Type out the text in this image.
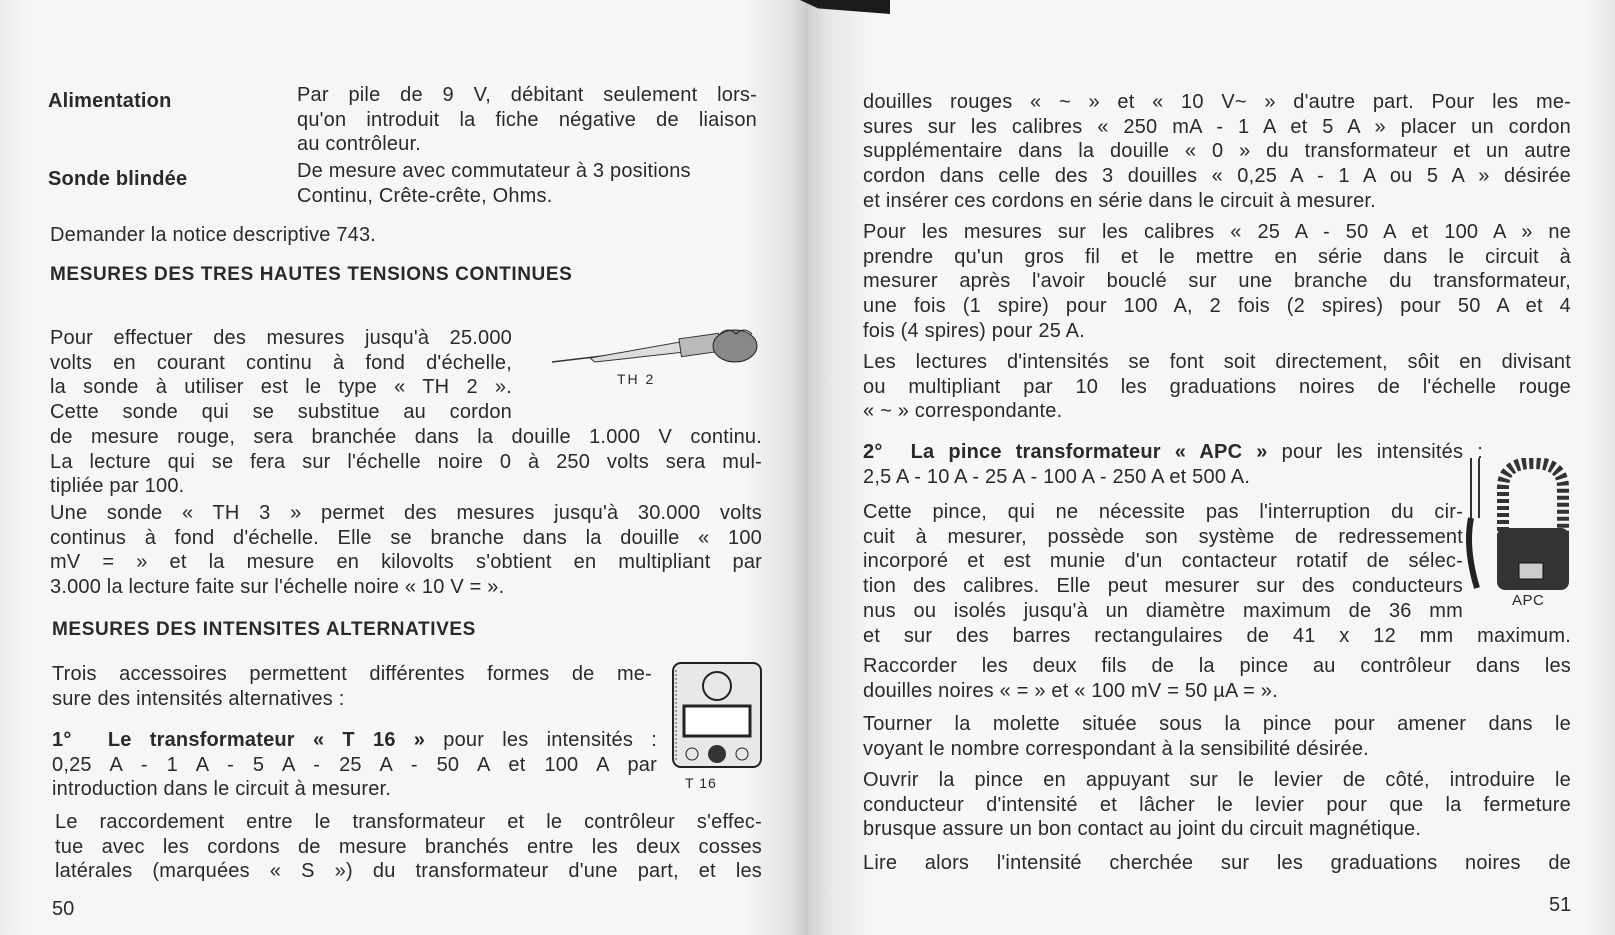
Alimentation	Par pile de 9 V, débitant seulement lors-
qu'on introduit la fiche négative de liaison
au contrôleur.
Sonde blindée	De mesure avec commutateur à 3 positions
Continu, Crête-crête, Ohms.
Demander la notice descriptive 743.
MESURES DES TRES HAUTES TENSIONS CONTINUES
Pour effectuer des mesures jusqu'à 25.000
volts en courant continu à fond d'échelle,
la sonde à utiliser est le type « TH 2 ».
Cette sonde qui se substitue au cordon
de mesure rouge, sera branchée dans la douille 1.000 V continu.
La lecture qui se fera sur l'échelle noire 0 à 250 volts sera mul-
tipliée par 100.
TH 2
Une sonde « TH 3 » permet des mesures jusqu'à 30.000 volts
continus à fond d'échelle. Elle se branche dans la douille « 100
mV = » et la mesure en kilovolts s'obtient en multipliant par
3.000 la lecture faite sur l'échelle noire « 10 V = ».
MESURES DES INTENSITES ALTERNATIVES
Trois accessoires permettent différentes formes de me-
sure des intensités alternatives :
1° Le transformateur « T 16 » pour les intensités :
0,25 A - 1 A - 5 A - 25 A - 50 A et 100 A par
introduction dans le circuit à mesurer.	T 16
Le raccordement entre le transformateur et le contrôleur s'effec-
tue avec les cordons de mesure branchés entre les deux cosses
latérales (marquées « S ») du transformateur d'une part, et les
50
douilles rouges « ~ » et « 10 V~ » d'autre part. Pour les me-
sures sur les calibres « 250 mA - 1 A et 5 A » placer un cordon
supplémentaire dans la douille « 0 » du transformateur et un autre
cordon dans celle des 3 douilles « 0,25 A - 1 A ou 5 A » désirée
et insérer ces cordons en série dans le circuit à mesurer.
Pour les mesures sur les calibres « 25 A - 50 A et 100 A » ne
prendre qu'un gros fil et le mettre en série dans le circuit à
mesurer après l'avoir bouclé sur une branche du transformateur,
une fois (1 spire) pour 100 A, 2 fois (2 spires) pour 50 A et 4
fois (4 spires) pour 25 A.
Les lectures d'intensités se font soit directement, sôit en divisant
ou multipliant par 10 les graduations noires de l'échelle rouge
« ~ » correspondante.
2° La pince transformateur « APC » pour les intensités :
2,5 A - 10 A - 25 A - 100 A - 250 A et 500 A.
Cette pince, qui ne nécessite pas l'interruption du cir-
cuit à mesurer, possède son système de redressement
incorporé et est munie d'un contacteur rotatif de sélec-
tion des calibres. Elle peut mesurer sur des conducteurs
nus ou isolés jusqu'à un diamètre maximum de 36 mm
et sur des barres rectangulaires de 41 x 12 mm maximum.
APC
Raccorder les deux fils de la pince au contrôleur dans les
douilles noires « = » et « 100 mV = 50 µA = ».
Tourner la molette située sous la pince pour amener dans le
voyant le nombre correspondant à la sensibilité désirée.
Ouvrir la pince en appuyant sur le levier de côté, introduire le
conducteur d'intensité et lâcher le levier pour que la fermeture
brusque assure un bon contact au joint du circuit magnétique.
Lire alors l'intensité cherchée sur les graduations noires de
51
